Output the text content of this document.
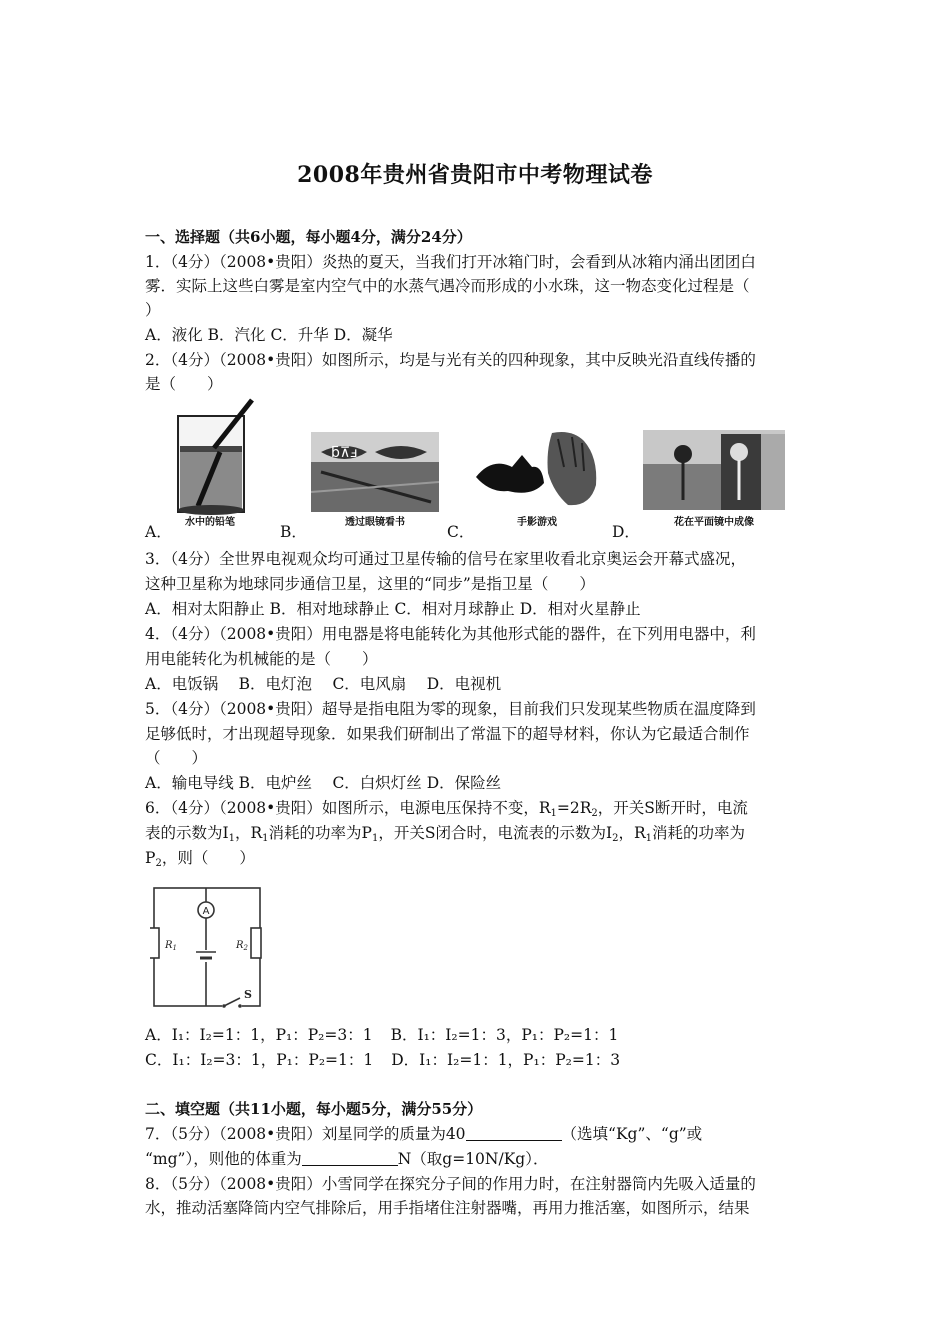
2008年贵州省贵阳市中考物理试卷
一、选择题（共6小题，每小题4分，满分24分）
1．（4分）（2008•贵阳）炎热的夏天，当我们打开冰箱门时，会看到从冰箱内涌出团团白
雾．实际上这些白雾是室内空气中的水蒸气遇冷而形成的小水珠，这一物态变化过程是（
）
A．液化 B．汽化 C．升华 D．凝华
2．（4分）（2008•贵阳）如图所示，均是与光有关的四种现象，其中反映光沿直线传播的
是（　　）
A．
水中的铅笔
B．
ƃ⊼ⅎ
透过眼镜看书
C．
手影游戏
D．
花在平面镜中成像
3．（4分）全世界电视观众均可通过卫星传输的信号在家里收看北京奥运会开幕式盛况，
这种卫星称为地球同步通信卫星，这里的“同步”是指卫星（　　）
A．相对太阳静止 B．相对地球静止 C．相对月球静止 D．相对火星静止
4．（4分）（2008•贵阳）用电器是将电能转化为其他形式能的器件，在下列用电器中，利
用电能转化为机械能的是（　　）
A．电饭锅　 B．电灯泡　 C．电风扇　 D．电视机
5．（4分）（2008•贵阳）超导是指电阻为零的现象，目前我们只发现某些物质在温度降到
足够低时，才出现超导现象．如果我们研制出了常温下的超导材料，你认为它最适合制作
（　　）
A．输电导线 B．电炉丝　 C．白炽灯丝 D．保险丝
6．（4分）（2008•贵阳）如图所示，电源电压保持不变，$R_1=2R_2$，开关S断开时，电流
表的示数为$I_1$，$R_1$消耗的功率为$P_1$，开关S闭合时，电流表的示数为$I_2$，$R_1$消耗的功率为
$P_2$，则（　　）
A
$R_1$	$R_2$
S
A．I₁：I₂=1：1，P₁：P₂=3：1 B．I₁：I₂=1：3，P₁：P₂=1：1
C．I₁：I₂=3：1，P₁：P₂=1：1 D．I₁：I₂=1：1，P₁：P₂=1：3
二、填空题（共11小题，每小题5分，满分55分）
7．（5分）（2008•贵阳）刘星同学的质量为40	（选填“Kg”、“g”或
“mg”），则他的体重为	N（取g=10N/Kg）．
8．（5分）（2008•贵阳）小雪同学在探究分子间的作用力时，在注射器筒内先吸入适量的
水，推动活塞降筒内空气排除后，用手指堵住注射器嘴，再用力推活塞，如图所示，结果
